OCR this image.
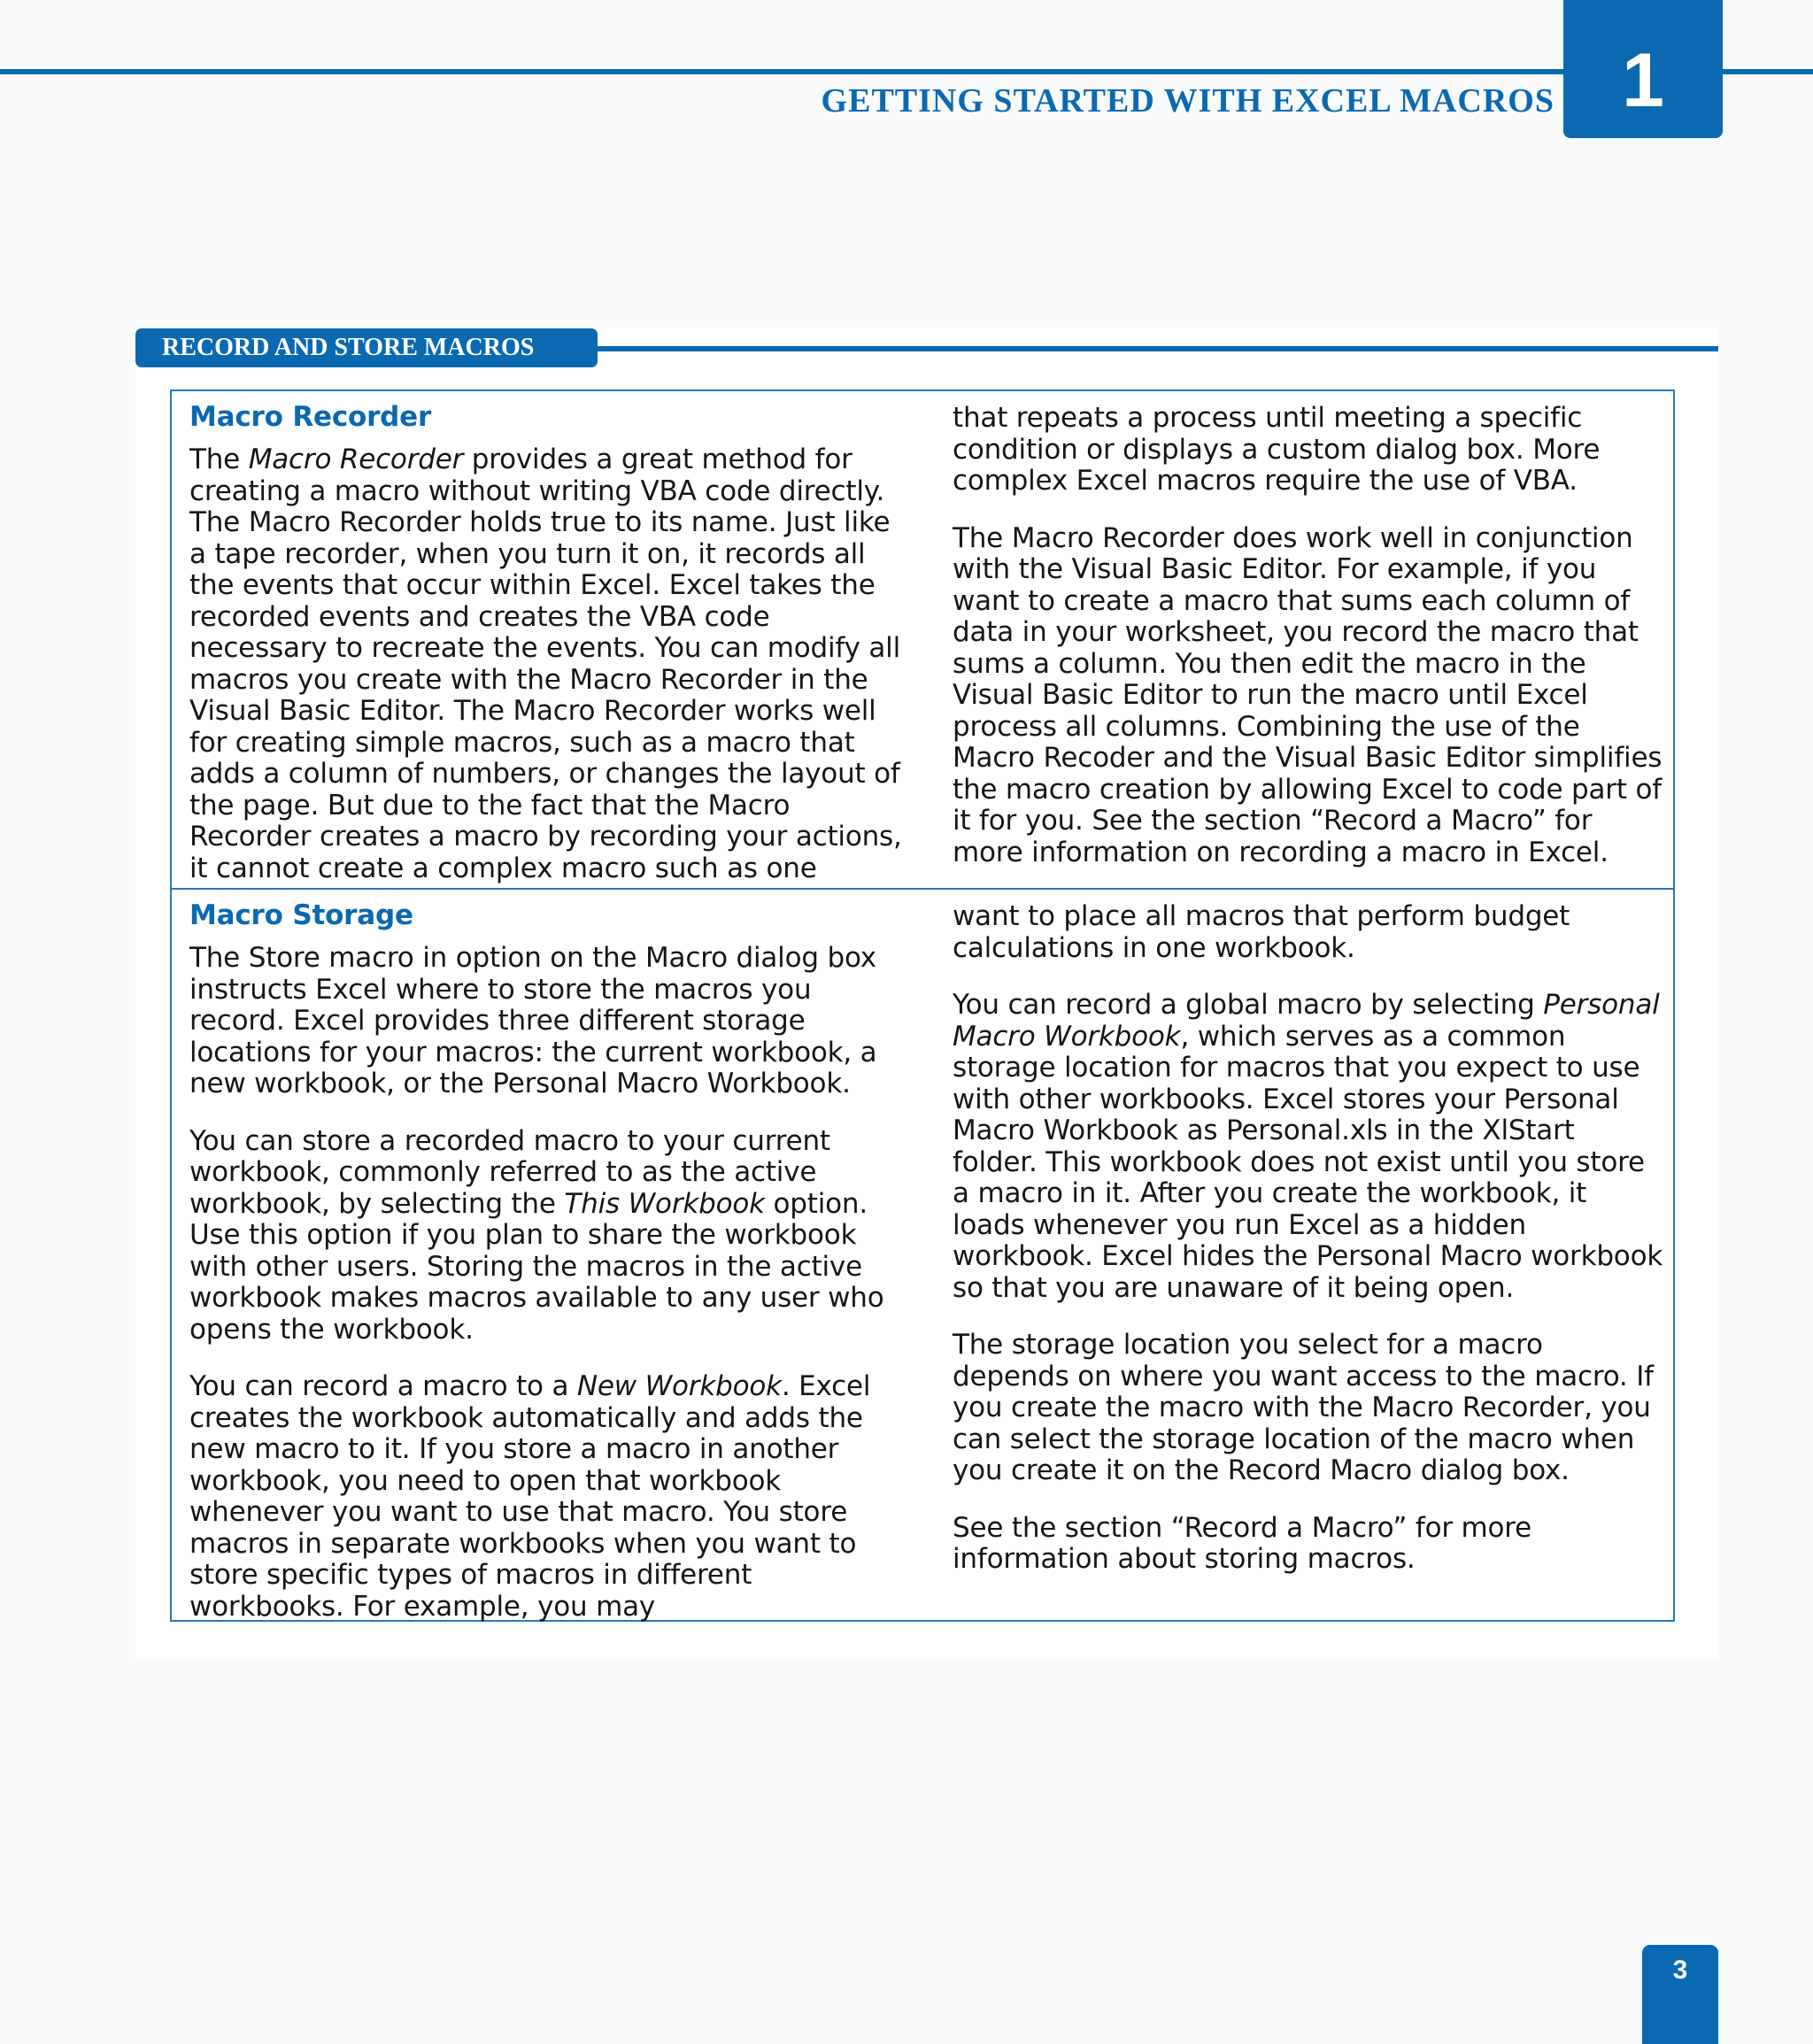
1
GETTING STARTED WITH EXCEL MACROS
RECORD AND STORE MACROS
Macro Recorder

The Macro Recorder provides a great method for creating a macro without writing VBA code directly. The Macro Recorder holds true to its name. Just like a tape recorder, when you turn it on, it records all the events that occur within Excel. Excel takes the recorded events and creates the VBA code necessary to recreate the events. You can modify all macros you create with the Macro Recorder in the Visual Basic Editor. The Macro Recorder works well for creating simple macros, such as a macro that adds a column of numbers, or changes the layout of the page. But due to the fact that the Macro Recorder creates a macro by recording your actions, it cannot create a complex macro such as one

that repeats a process until meeting a specific condition or displays a custom dialog box. More complex Excel macros require the use of VBA.

The Macro Recorder does work well in conjunction with the Visual Basic Editor. For example, if you want to create a macro that sums each column of data in your worksheet, you record the macro that sums a column. You then edit the macro in the Visual Basic Editor to run the macro until Excel process all columns. Combining the use of the Macro Recoder and the Visual Basic Editor simplifies the macro creation by allowing Excel to code part of it for you. See the section “Record a Macro” for more information on recording a macro in Excel.

Macro Storage

The Store macro in option on the Macro dialog box instructs Excel where to store the macros you record. Excel provides three different storage locations for your macros: the current workbook, a new workbook, or the Personal Macro Workbook.

You can store a recorded macro to your current workbook, commonly referred to as the active workbook, by selecting the This Workbook option. Use this option if you plan to share the workbook with other users. Storing the macros in the active workbook makes macros available to any user who opens the workbook.

You can record a macro to a New Workbook. Excel creates the workbook automatically and adds the new macro to it. If you store a macro in another workbook, you need to open that workbook whenever you want to use that macro. You store macros in separate workbooks when you want to store specific types of macros in different workbooks. For example, you may

want to place all macros that perform budget calculations in one workbook.

You can record a global macro by selecting Personal Macro Workbook, which serves as a common storage location for macros that you expect to use with other workbooks. Excel stores your Personal Macro Workbook as Personal.xls in the XlStart folder. This workbook does not exist until you store a macro in it. After you create the workbook, it loads whenever you run Excel as a hidden workbook. Excel hides the Personal Macro workbook so that you are unaware of it being open.

The storage location you select for a macro depends on where you want access to the macro. If you create the macro with the Macro Recorder, you can select the storage location of the macro when you create it on the Record Macro dialog box.

See the section “Record a Macro” for more information about storing macros.

3
